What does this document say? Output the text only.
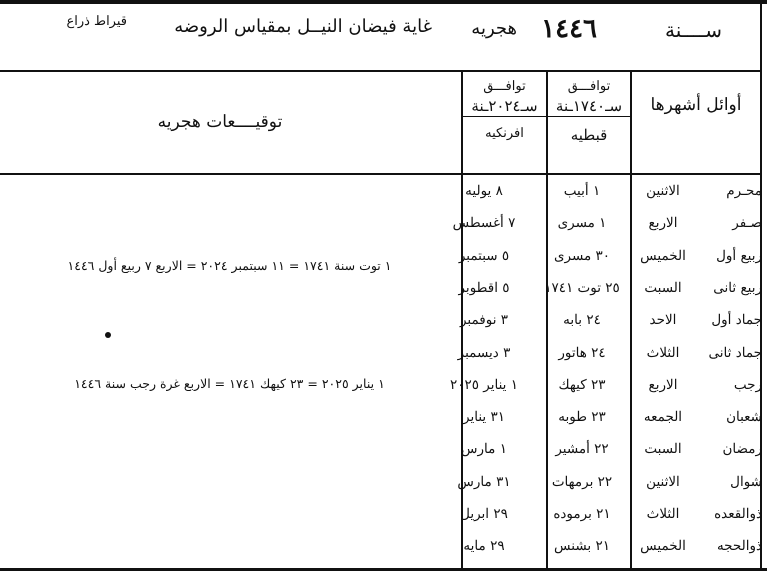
ســــنة
١٤٤٦
هجريه
غاية فيضان النيــل بمقياس الروضه
قيراط ذراع
أوائل أشهرها
توافـــق
سـ١٧٤٠ـنة
قبطيه
توافـــق
سـ٢٠٢٤ـنة
افرنكيه
توقيــــعات هجريه
محـرم
الاثنين
١ أبيب
٨ يوليه
صـفر
الاربع
١ مسرى
٧ أغسطس
ربيع أول
الخميس
٣٠ مسرى
٥ سبتمبر
ربيع ثانى
السبت
٢٥ توت ١٧٤١
٥ اقطوبر
جماد أول
الاحد
٢٤ بابه
٣ نوفمبر
جماد ثانى
الثلاث
٢٤ هاتور
٣ ديسمبر
رجب
الاربع
٢٣ كيهك
١ يناير ٢٠٢٥
شعبان
الجمعه
٢٣ طوبه
٣١ يناير
رمضان
السبت
٢٢ أمشير
١ مارس
شوال
الاثنين
٢٢ برمهات
٣١ مارس
ذوالقعده
الثلاث
٢١ برموده
٢٩ ابريل
ذوالحجه
الخميس
٢١ بشنس
٢٩ مايه
١ توت سنة ١٧٤١ = ١١ سبتمبر ٢٠٢٤ = الاربع ٧ ربيع أول ١٤٤٦
١ يناير ٢٠٢٥ = ٢٣ كيهك ١٧٤١ = الاربع غرة رجب سنة ١٤٤٦
